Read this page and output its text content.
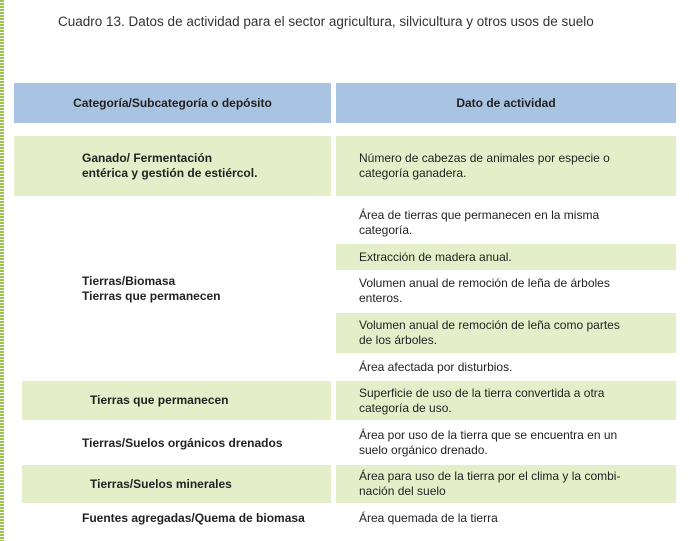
Cuadro 13. Datos de actividad para el sector agricultura, silvicultura y otros usos de suelo
Categoría/Subcategoría o depósito	Dato de actividad
Ganado/ Fermentación
entérica y gestión de estiércol.
Número de cabezas de animales por especie o
categoría ganadera.
Tierras/Biomasa
Tierras que permanecen
Área de tierras que permanecen en la misma
categoría.
Extracción de madera anual.
Volumen anual de remoción de leña de árboles
enteros.
Volumen anual de remoción de leña como partes
de los árboles.
Área afectada por disturbios.
Tierras que permanecen
Superficie de uso de la tierra convertida a otra
categoría de uso.
Tierras/Suelos orgánicos drenados
Área por uso de la tierra que se encuentra en un
suelo orgánico drenado.
Tierras/Suelos minerales
Área para uso de la tierra por el clima y la combi-
nación del suelo
Fuentes agregadas/Quema de biomasa	Área quemada de la tierra
